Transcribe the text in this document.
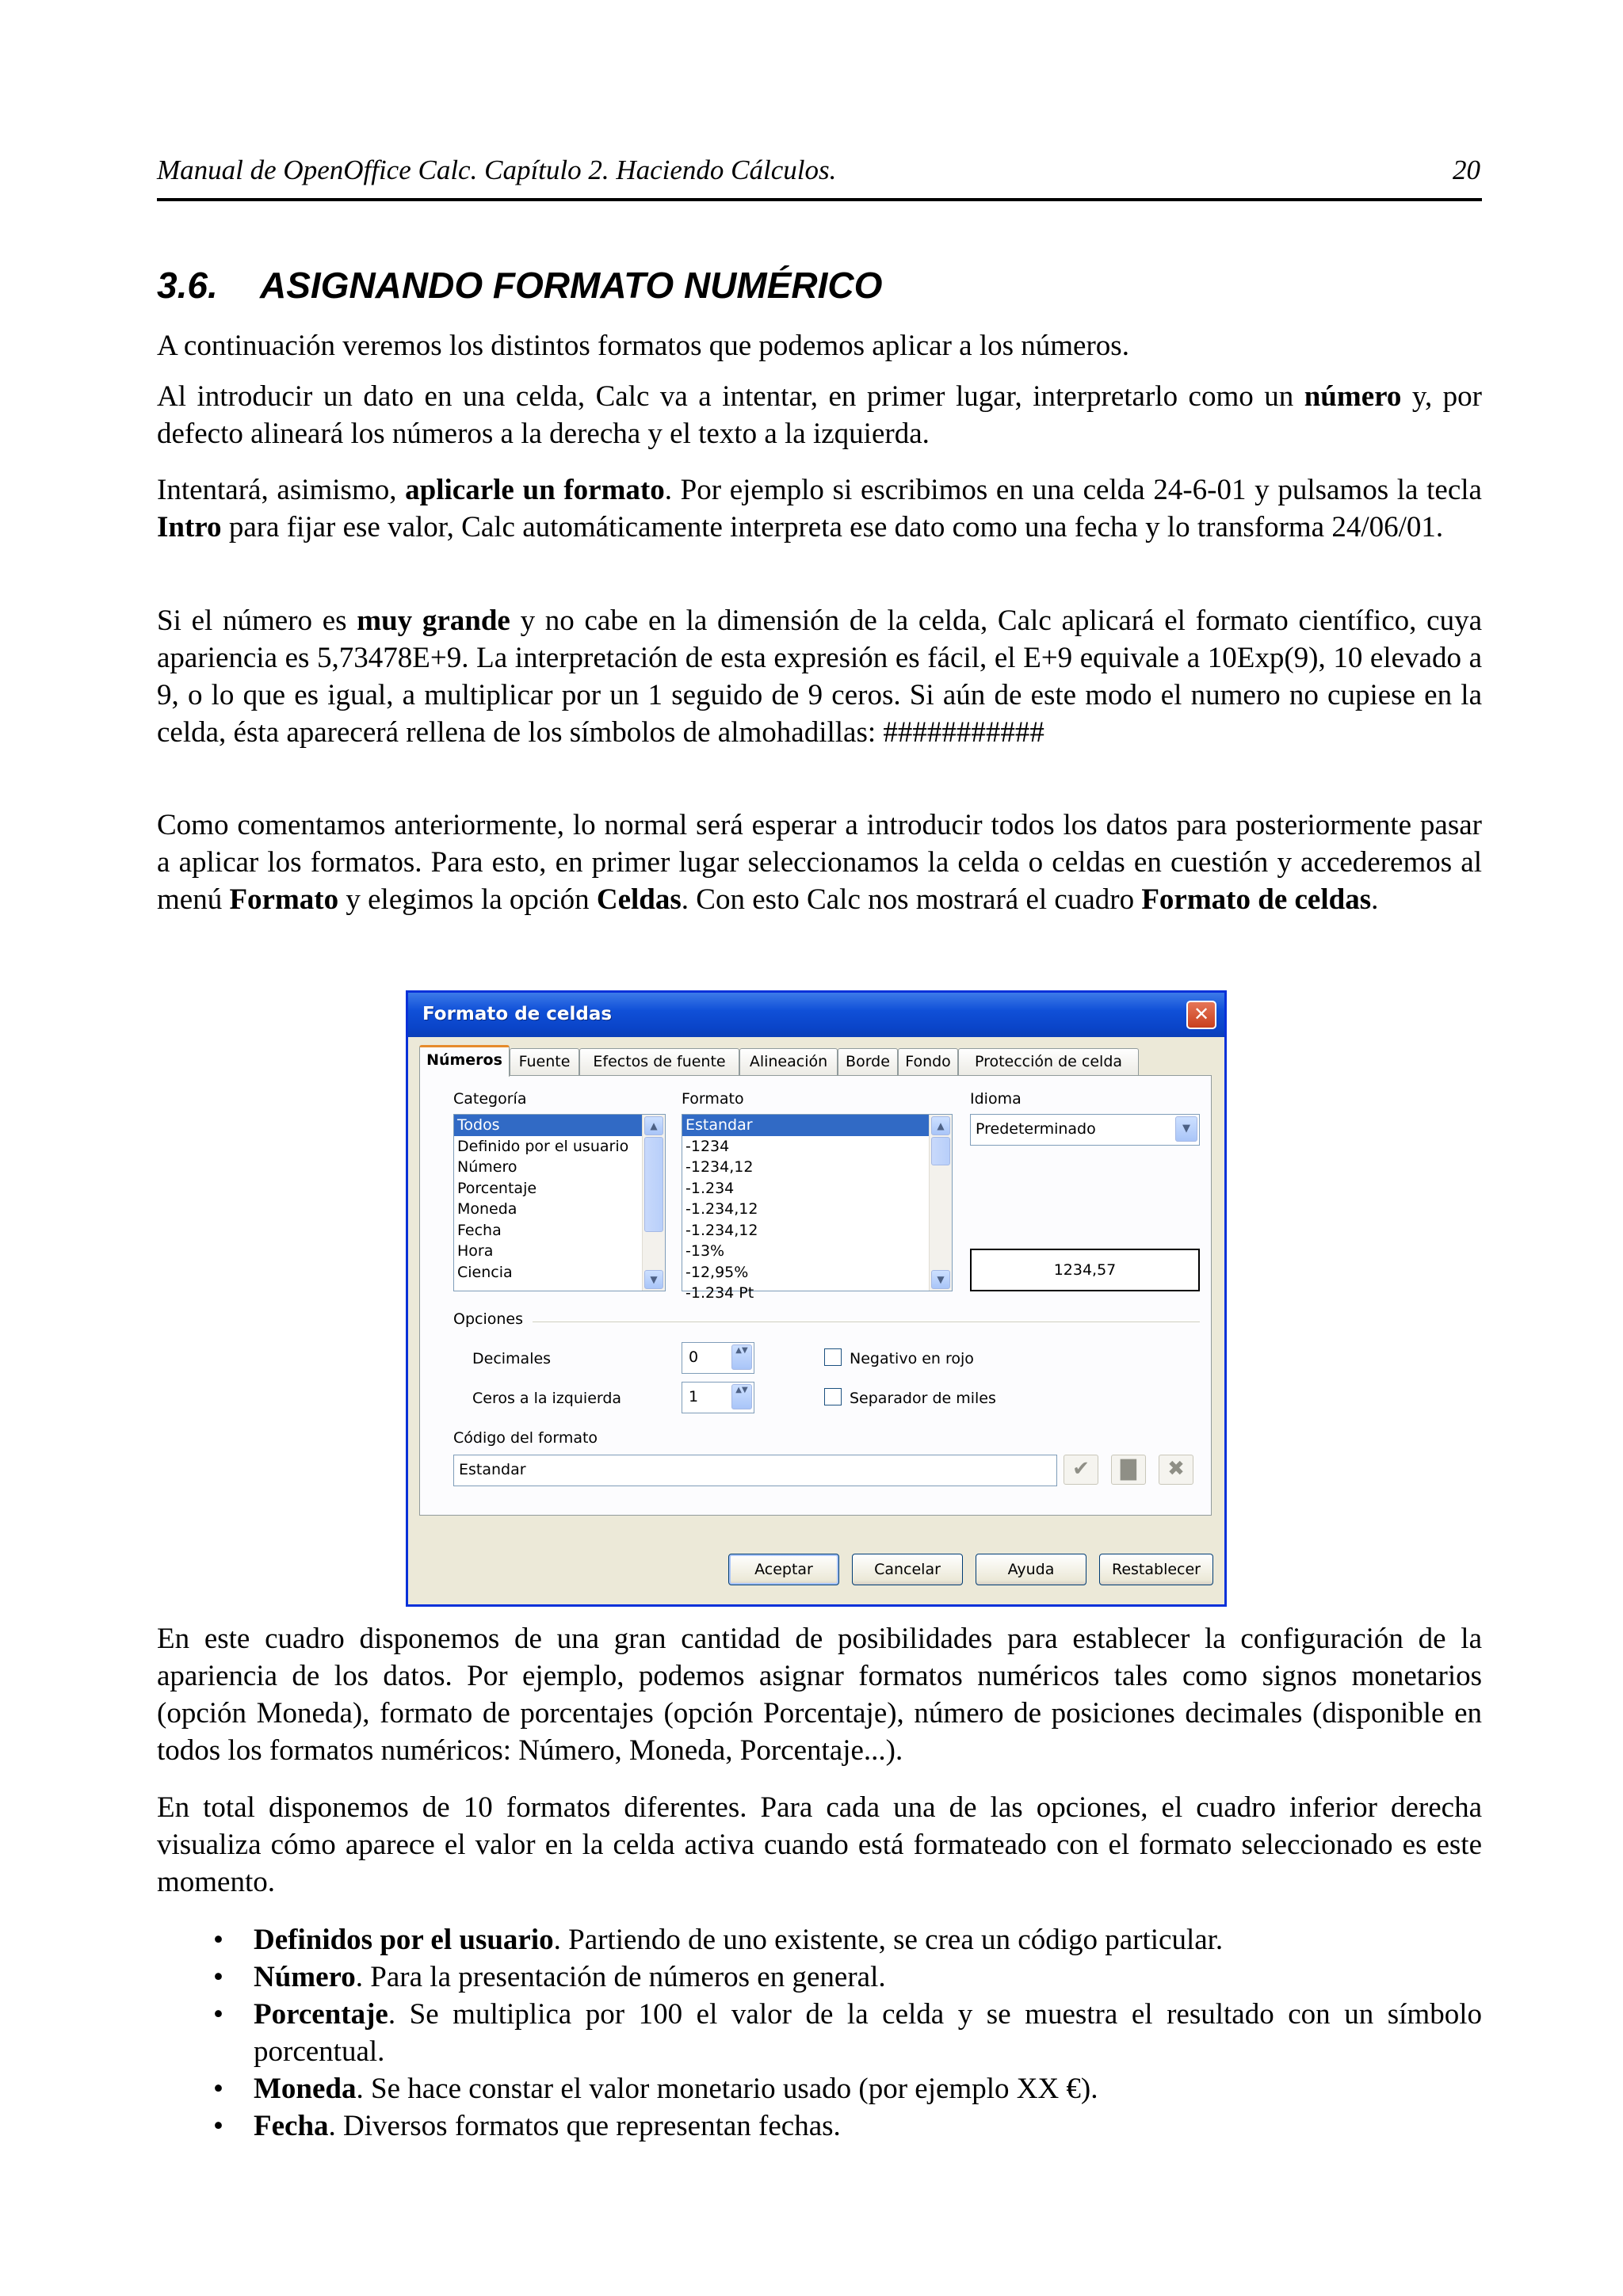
Manual de OpenOffice Calc. Capítulo 2. Haciendo Cálculos.	20
3.6. ASIGNANDO FORMATO NUMÉRICO

A continuación veremos los distintos formatos que podemos aplicar a los números.

Al introducir un dato en una celda, Calc va a intentar, en primer lugar, interpretarlo como un número y, por defecto alineará los números a la derecha y el texto a la izquierda.

Intentará, asimismo, aplicarle un formato. Por ejemplo si escribimos en una celda 24-6-01 y pulsamos la tecla Intro para fijar ese valor, Calc automáticamente interpreta ese dato como una fecha y lo transforma 24/06/01.

Si el número es muy grande y no cabe en la dimensión de la celda, Calc aplicará el formato científico, cuya apariencia es 5,73478E+9. La interpretación de esta expresión es fácil, el E+9 equivale a 10Exp(9), 10 elevado a 9, o lo que es igual, a multiplicar por un 1 seguido de 9 ceros. Si aún de este modo el numero no cupiese en la celda, ésta aparecerá rellena de los símbolos de almohadillas: ###########

Como comentamos anteriormente, lo normal será esperar a introducir todos los datos para posteriormente pasar a aplicar los formatos. Para esto, en primer lugar seleccionamos la celda o celdas en cuestión y accederemos al menú Formato y elegimos la opción Celdas. Con esto Calc nos mostrará el cuadro Formato de celdas.

Formato de celdas	✕
Números	Fuente	Efectos de fuente	Alineación	Borde	Fondo	Protección de celda
Categoría
Todos
Definido por el usuario
Número
Porcentaje
Moneda
Fecha
Hora
Ciencia
▲
▼
Formato
Estandar
-1234
-1234,12
-1.234
-1.234,12
-1.234,12
-13%
-12,95%
-1.234 Pt
▲
▼
Idioma
Predeterminado	▼
1234,57
Opciones
Decimales	0	▲▼
Ceros a la izquierda	1	▲▼
Negativo en rojo
Separador de miles
Código del formato
Estandar	✔	▇	✖
Aceptar	Cancelar	Ayuda	Restablecer

En este cuadro disponemos de una gran cantidad de posibilidades para establecer la configuración de la apariencia de los datos. Por ejemplo, podemos asignar formatos numéricos tales como signos monetarios (opción Moneda), formato de porcentajes (opción Porcentaje), número de posiciones decimales (disponible en todos los formatos numéricos: Número, Moneda, Porcentaje...).

En total disponemos de 10 formatos diferentes. Para cada una de las opciones, el cuadro inferior derecha visualiza cómo aparece el valor en la celda activa cuando está formateado con el formato seleccionado es este momento.

• Definidos por el usuario. Partiendo de uno existente, se crea un código particular.
• Número. Para la presentación de números en general.
• Porcentaje. Se multiplica por 100 el valor de la celda y se muestra el resultado con un símbolo porcentual.
• Moneda. Se hace constar el valor monetario usado (por ejemplo XX €).
• Fecha. Diversos formatos que representan fechas.
